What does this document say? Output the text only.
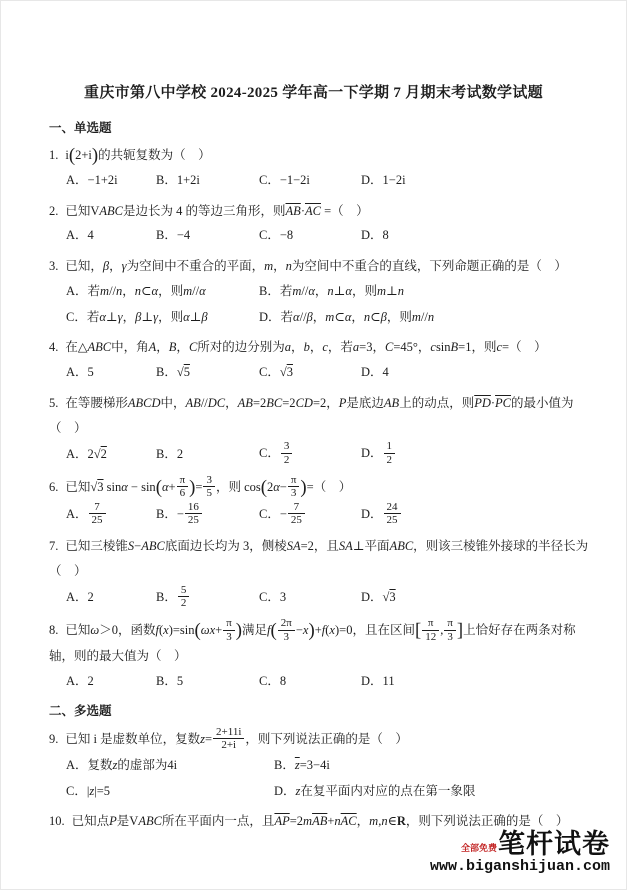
重庆市第八中学校 2024-2025 学年高一下学期 7 月期末考试数学试题
一、单选题
1. i(2+i)的共轭复数为（　）
A．−1+2i	B．1+2i	C．−1−2i	D．1−2i
2. 已知VABC是边长为 4 的等边三角形，则$\overline{AB}\cdot\overline{AC}$ =（　）
A．4	B．−4	C．−8	D．8
3. 已知，β，γ为空间中不重合的平面，m，n为空间中不重合的直线，下列命题正确的是（　）
A．若m//n，n⊂α，则m//α	B．若m//α，n⊥α，则m⊥n
C．若α⊥γ，β⊥γ，则α⊥β	D．若α//β，m⊂α，n⊂β，则m//n
4. 在△ABC中，角A，B，C所对的边分别为a，b，c，若a=3，C=45°，csinB=1，则c=（　）
A．5	B．√5	C．√3	D．4
5. 在等腰梯形ABCD中，AB//DC，AB=2BC=2CD=2，P是底边AB上的动点，则$\overline{PD}\cdot\overline{PC}$的最小值为
（　）
A．2√2	B．2	C． $\frac{3}{2}$	D． $\frac{1}{2}$
6. 已知√3 $\sin\alpha - \sin(\alpha+ \frac{\pi}{6}$ )= $\frac{3}{5}$ ，则 $\cos(2\alpha- \frac{\pi}{3}$ )=（　）
A． $\frac{7}{25}$	B．− $\frac{16}{25}$	C．− $\frac{7}{25}$	D． $\frac{24}{25}$
7. 已知三棱锥S−ABC底面边长均为 3，侧棱SA=2，且SA⊥平面ABC，则该三棱锥外接球的半径长为
（　）
A．2	B． $\frac{5}{2}$	C．3	D．√3
8. 已知ω＞0，函数$f(x)=\sin(\omega x+ \frac{\pi}{3}$ )满足$f( \frac{2\pi}{3} -x)+f(x)=0$，且在区间[ $\frac{\pi}{12}$ , $\frac{\pi}{3}$ ]上恰好存在两条对称
轴，则的最大值为（　）
A．2	B．5	C．8	D．11
二、多选题
9. 已知 i 是虚数单位，复数$z= \frac{2+11i}{2+i}$ ，则下列说法正确的是（　）
A．复数z的虚部为4i	B．$\overline{z}=3-4i$
C．|z|=5	D．z在复平面内对应的点在第一象限
10. 已知点P是VABC所在平面内一点，且$\overline{AP}=2m\overline{AB}+n\overline{AC}$，m,n∈R，则下列说法正确的是（　）
全部免费 笔杆试卷
www.biganshijuan.com
